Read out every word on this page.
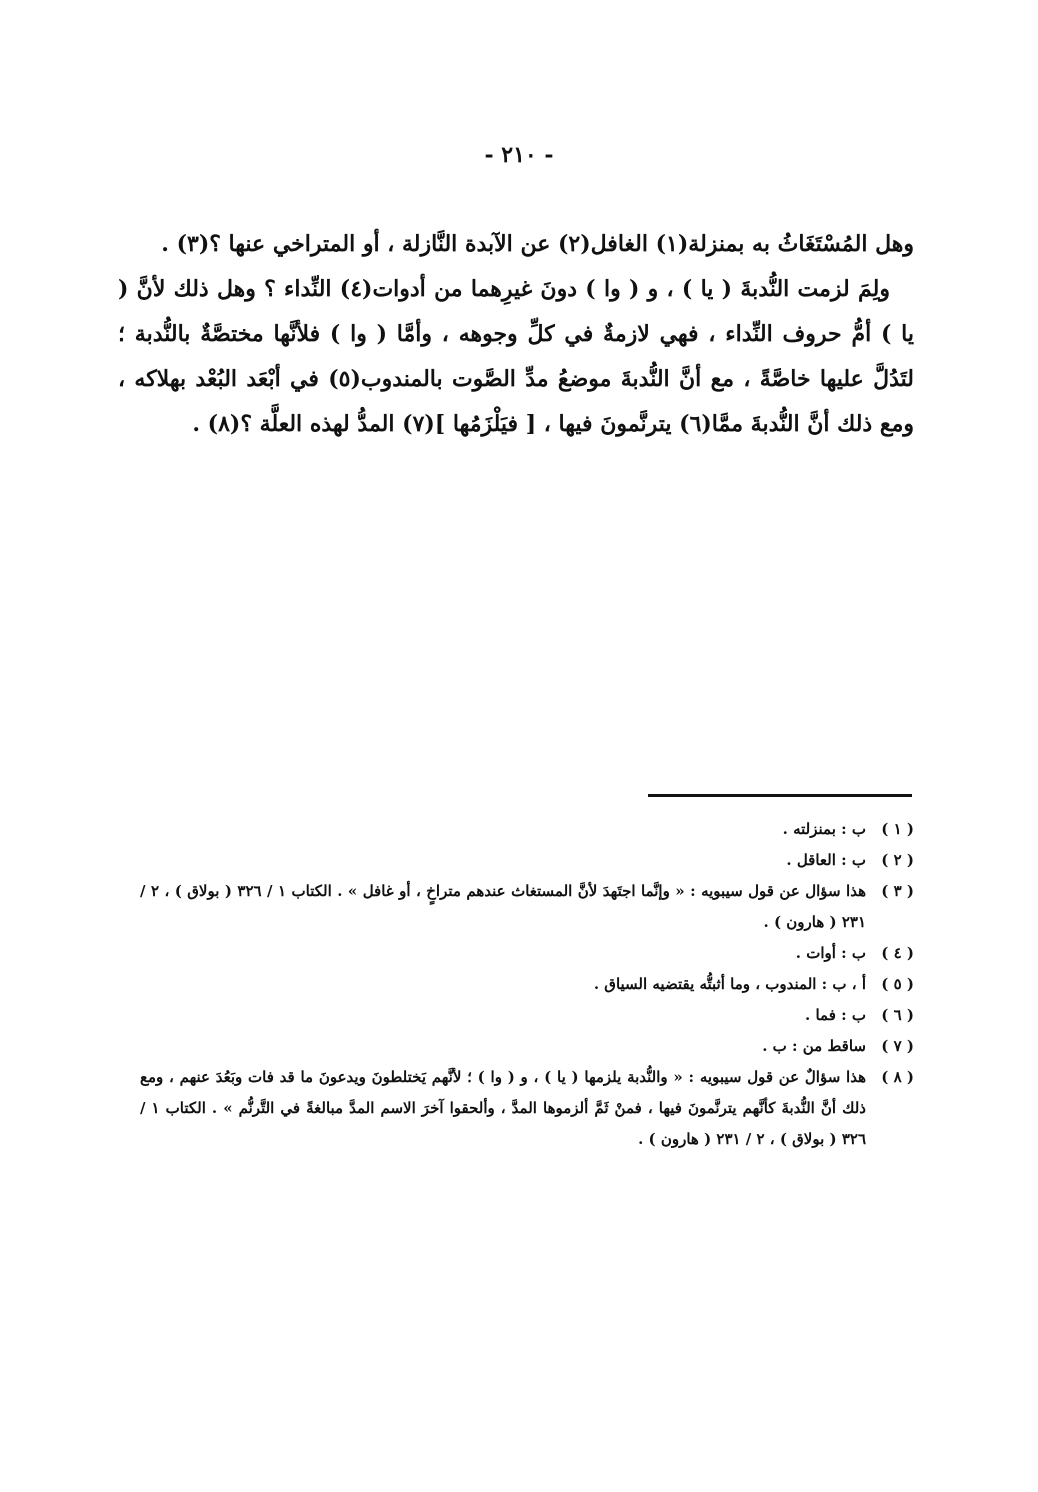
- ٢١٠ -

وهل المُسْتَغَاثُ به بمنزلة(١) الغافل(٢) عن الآبدة النَّازلة ، أو المتراخي عنها ؟(٣) .

ولِمَ لزمت النُّدبةَ ( يا ) ، و ( وا ) دونَ غيرِهما من أدوات(٤) النِّداء ؟ وهل ذلك لأنَّ ( يا ) أمُّ حروف النِّداء ، فهي لازمةٌ في كلِّ وجوهه ، وأمَّا ( وا ) فلأنَّها مختصَّةٌ بالنُّدبة ؛ لتَدُلَّ عليها خاصَّةً ، مع أنَّ النُّدبةَ موضعُ مدِّ الصَّوت بالمندوب(٥) في أبْعَد البُعْد بهلاكه ، ومع ذلك أنَّ النُّدبةَ ممَّا(٦) يترنَّمونَ فيها ، [ فيَلْزَمُها ](٧) المدُّ لهذه العلَّة ؟(٨) .

( ١ )
ب : بمنزلته .
( ٢ )
ب : العاقل .
( ٣ )
هذا سؤال عن قول سيبويه : « وإنَّما اجتَهدَ لأنَّ المستغاث عندهم متراخٍ ، أو غافل » . الكتاب ١ / ٣٢٦ ( بولاق ) ، ٢ / ٢٣١ ( هارون ) .
( ٤ )
ب : أوات .
( ٥ )
أ ، ب : المندوب ، وما أثبتُّه يقتضيه السياق .
( ٦ )
ب : فما .
( ٧ )
ساقط من : ب .
( ٨ )
هذا سؤالٌ عن قول سيبويه : « والنُّدبة يلزمها ( يا ) ، و ( وا ) ؛ لأنَّهم يَختلطونَ ويدعونَ ما قد فات وبَعُدَ عنهم ، ومع ذلك أنَّ النُّدبةَ كأنَّهم يترنَّمونَ فيها ، فمنْ ثَمَّ ألزموها المدَّ ، وألحقوا آخرَ الاسم المدَّ مبالغةً في التَّرنُّم » . الكتاب ١ / ٣٢٦ ( بولاق ) ، ٢ / ٢٣١ ( هارون ) .
